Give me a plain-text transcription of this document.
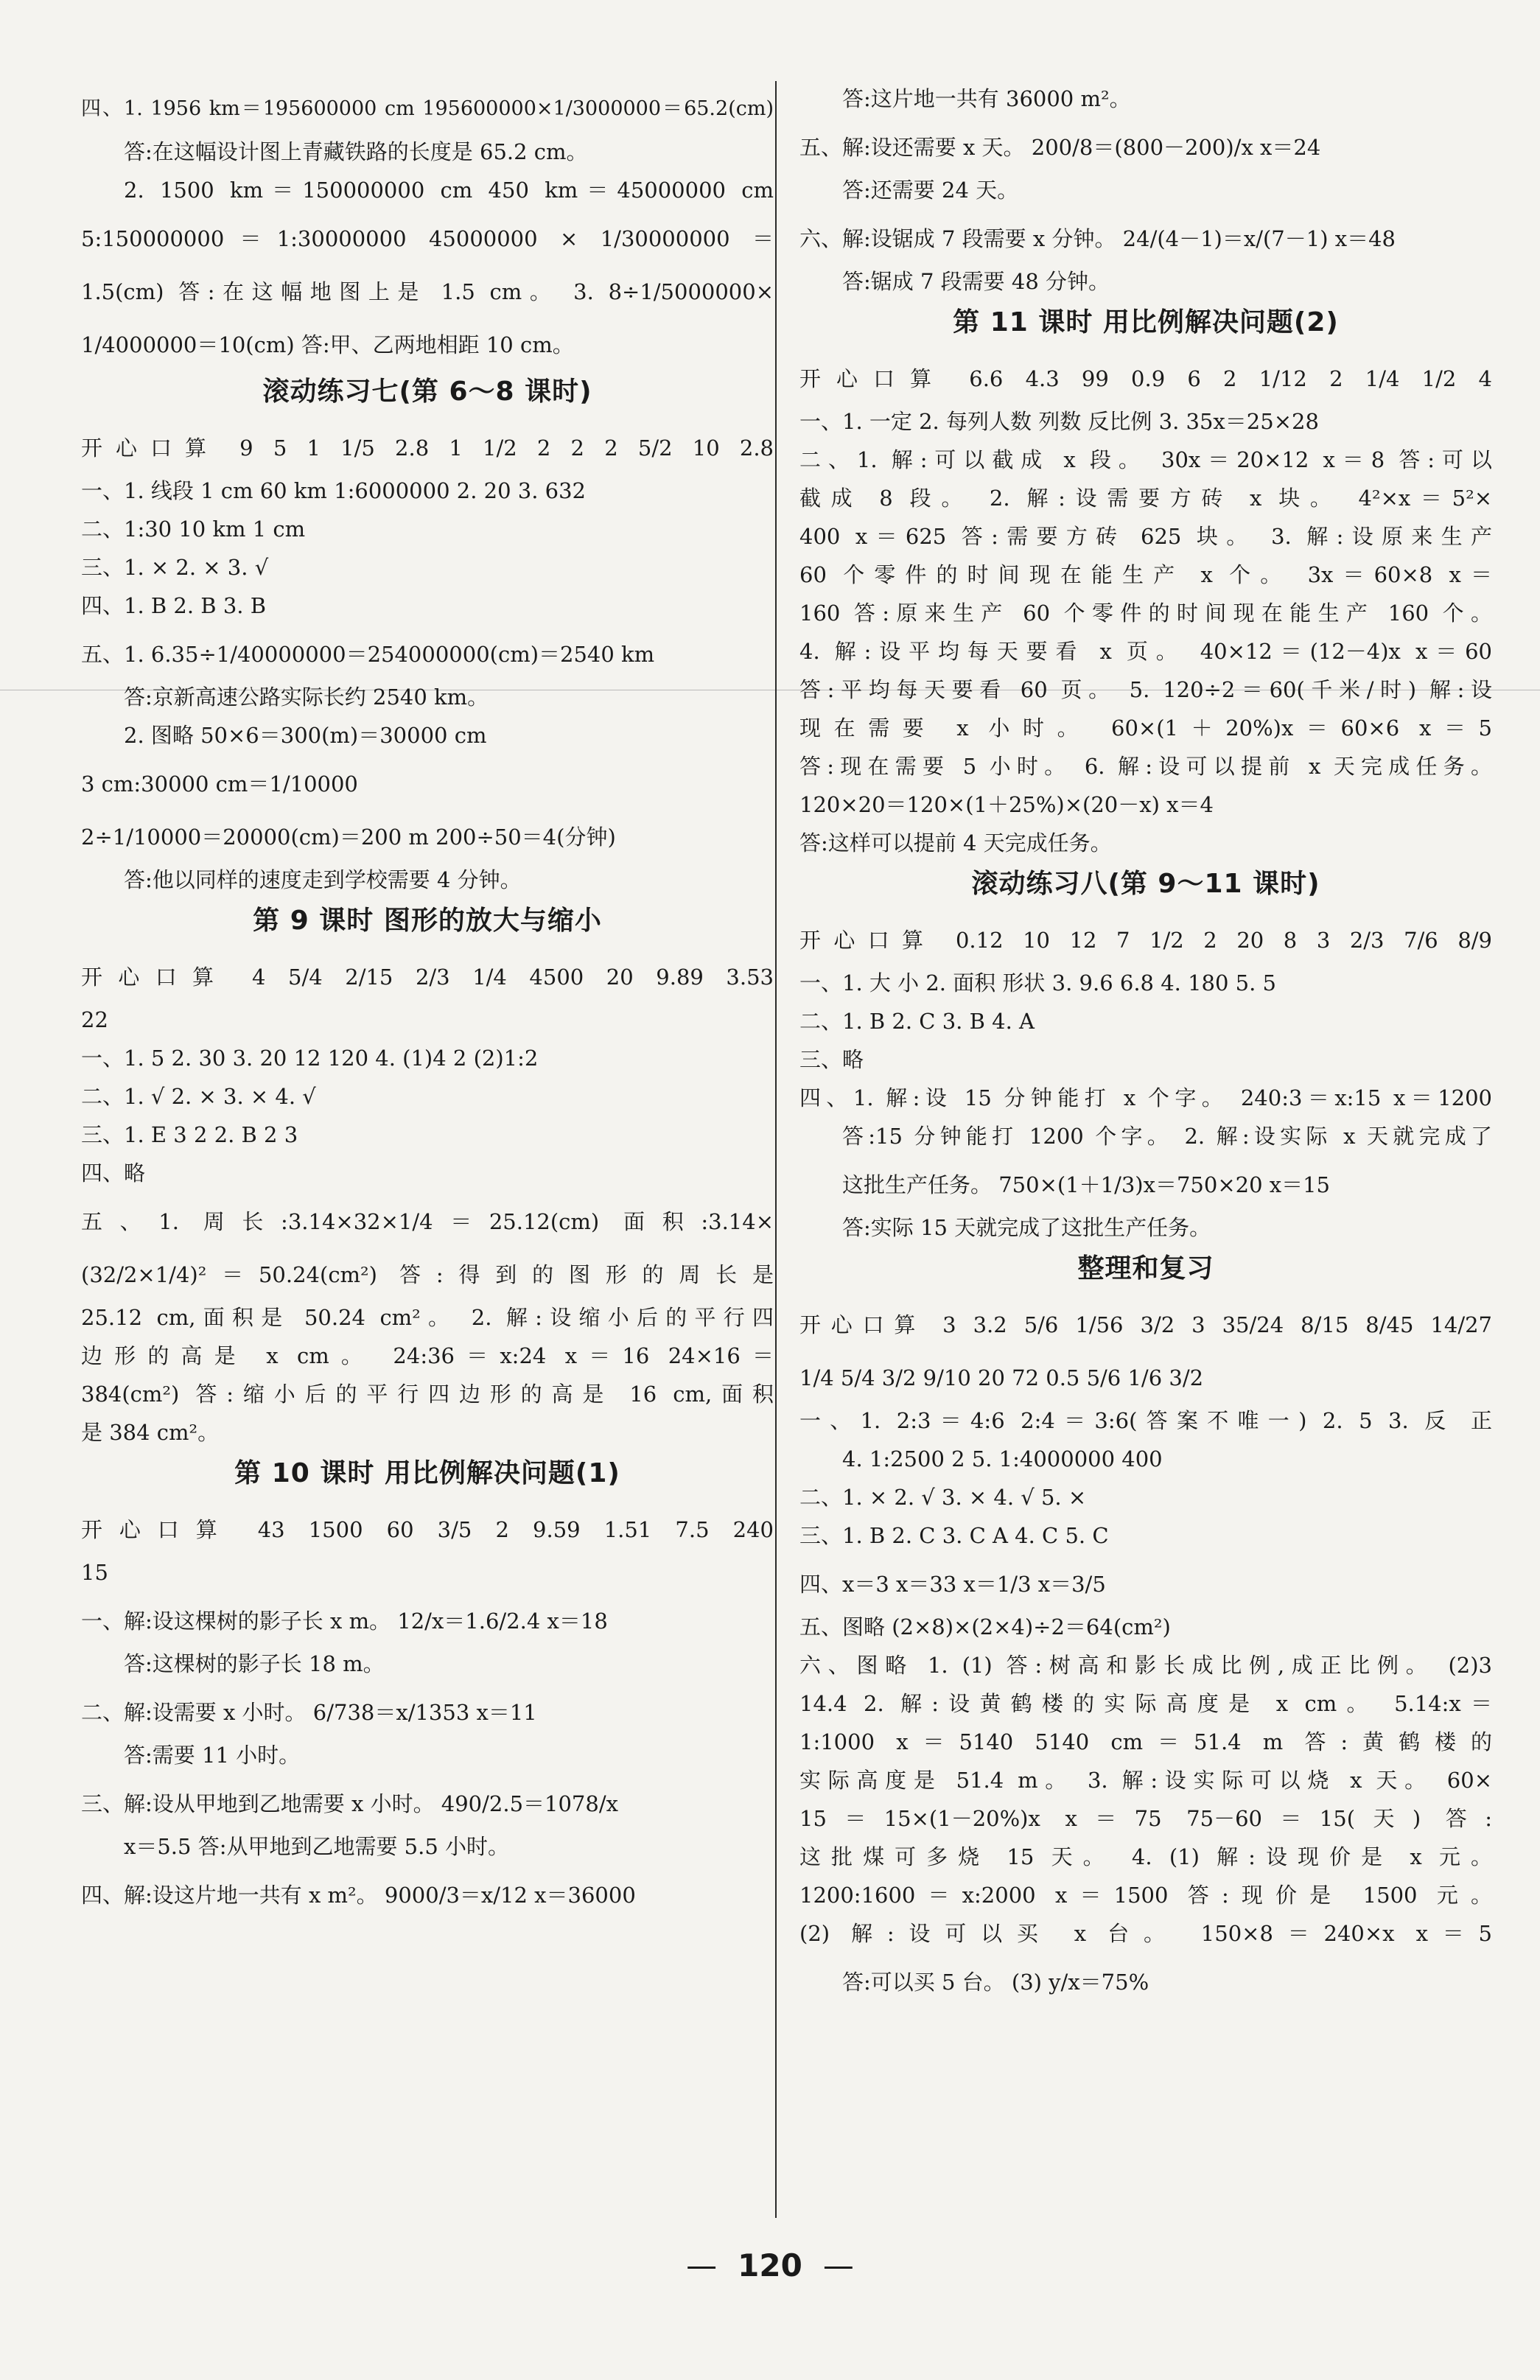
四、1. 1956 km＝195600000 cm 195600000×1/3000000＝65.2(cm)
答:在这幅设计图上青藏铁路的长度是 65.2 cm。
2. 1500 km＝150000000 cm 450 km＝45000000 cm
5:150000000＝1:30000000 45000000 × 1/30000000 ＝
1.5(cm) 答:在这幅地图上是 1.5 cm。 3. 8÷1/5000000×
1/4000000＝10(cm) 答:甲、乙两地相距 10 cm。
滚动练习七(第 6～8 课时)
开心口算 9 5 1 1/5 2.8 1 1/2 2 2 2 5/2 10 2.8
一、1. 线段 1 cm 60 km 1:6000000 2. 20 3. 632
二、1:30 10 km 1 cm
三、1. × 2. × 3. √
四、1. B 2. B 3. B
五、1. 6.35÷1/40000000＝254000000(cm)＝2540 km
答:京新高速公路实际长约 2540 km。
2. 图略 50×6＝300(m)＝30000 cm
3 cm:30000 cm＝1/10000
2÷1/10000＝20000(cm)＝200 m 200÷50＝4(分钟)
答:他以同样的速度走到学校需要 4 分钟。
第 9 课时 图形的放大与缩小
开心口算 4 5/4 2/15 2/3 1/4 4500 20 9.89 3.53
22
一、1. 5 2. 30 3. 20 12 120 4. (1)4 2 (2)1:2
二、1. √ 2. × 3. × 4. √
三、1. E 3 2 2. B 2 3
四、略
五、1. 周长:3.14×32×1/4＝25.12(cm) 面积:3.14×
(32/2×1/4)²＝50.24(cm²) 答:得到的图形的周长是
25.12 cm,面积是 50.24 cm²。 2. 解:设缩小后的平行四
边形的高是 x cm。 24:36＝x:24 x＝16 24×16＝
384(cm²) 答:缩小后的平行四边形的高是 16 cm,面积
是 384 cm²。
第 10 课时 用比例解决问题(1)
开心口算 43 1500 60 3/5 2 9.59 1.51 7.5 240
15
一、解:设这棵树的影子长 x m。 12/x＝1.6/2.4 x＝18
答:这棵树的影子长 18 m。
二、解:设需要 x 小时。 6/738＝x/1353 x＝11
答:需要 11 小时。
三、解:设从甲地到乙地需要 x 小时。 490/2.5＝1078/x
x＝5.5 答:从甲地到乙地需要 5.5 小时。
四、解:设这片地一共有 x m²。 9000/3＝x/12 x＝36000
答:这片地一共有 36000 m²。
五、解:设还需要 x 天。 200/8＝(800－200)/x x＝24
答:还需要 24 天。
六、解:设锯成 7 段需要 x 分钟。 24/(4－1)＝x/(7－1) x＝48
答:锯成 7 段需要 48 分钟。
第 11 课时 用比例解决问题(2)
开心口算 6.6 4.3 99 0.9 6 2 1/12 2 1/4 1/2 4
一、1. 一定 2. 每列人数 列数 反比例 3. 35x＝25×28
二、1. 解:可以截成 x 段。 30x＝20×12 x＝8 答:可以
截成 8 段。 2. 解:设需要方砖 x 块。 4²×x＝5²×
400 x＝625 答:需要方砖 625 块。 3. 解:设原来生产
60 个零件的时间现在能生产 x 个。 3x＝60×8 x＝
160 答:原来生产 60 个零件的时间现在能生产 160 个。
4. 解:设平均每天要看 x 页。 40×12＝(12－4)x x＝60
答:平均每天要看 60 页。 5. 120÷2＝60(千米/时) 解:设
现在需要 x 小时。 60×(1＋20%)x＝60×6 x＝5
答:现在需要 5 小时。 6. 解:设可以提前 x 天完成任务。
120×20＝120×(1＋25%)×(20－x) x＝4
答:这样可以提前 4 天完成任务。
滚动练习八(第 9～11 课时)
开心口算 0.12 10 12 7 1/2 2 20 8 3 2/3 7/6 8/9
一、1. 大 小 2. 面积 形状 3. 9.6 6.8 4. 180 5. 5
二、1. B 2. C 3. B 4. A
三、略
四、1. 解:设 15 分钟能打 x 个字。 240:3＝x:15 x＝1200
答:15 分钟能打 1200 个字。 2. 解:设实际 x 天就完成了
这批生产任务。 750×(1＋1/3)x＝750×20 x＝15
答:实际 15 天就完成了这批生产任务。
整理和复习
开心口算 3 3.2 5/6 1/56 3/2 3 35/24 8/15 8/45 14/27
1/4 5/4 3/2 9/10 20 72 0.5 5/6 1/6 3/2
一、1. 2:3＝4:6 2:4＝3:6(答案不唯一) 2. 5 3. 反 正
4. 1:2500 2 5. 1:4000000 400
二、1. × 2. √ 3. × 4. √ 5. ×
三、1. B 2. C 3. C A 4. C 5. C
四、x＝3 x＝33 x＝1/3 x＝3/5
五、图略 (2×8)×(2×4)÷2＝64(cm²)
六、图略 1. (1) 答:树高和影长成比例,成正比例。 (2)3
14.4 2. 解:设黄鹤楼的实际高度是 x cm。 5.14:x＝
1:1000 x＝5140 5140 cm＝51.4 m 答:黄鹤楼的
实际高度是 51.4 m。 3. 解:设实际可以烧 x 天。 60×
15＝15×(1－20%)x x＝75 75－60＝15(天) 答:
这批煤可多烧 15 天。 4. (1) 解:设现价是 x 元。
1200:1600＝x:2000 x＝1500 答:现价是 1500 元。
(2) 解:设可以买 x 台。 150×8＝240×x x＝5
答:可以买 5 台。 (3) y/x＝75%
— 120 —
